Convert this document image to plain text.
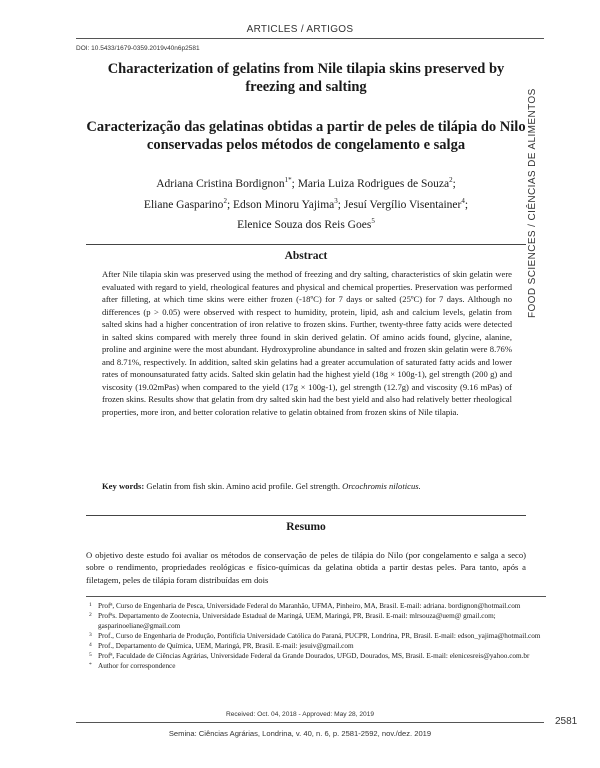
ARTICLES / ARTIGOS
DOI: 10.5433/1679-0359.2019v40n6p2581
FOOD SCIENCES / CIÊNCIAS DE ALIMENTOS
Characterization of gelatins from Nile tilapia skins preserved by freezing and salting
Caracterização das gelatinas obtidas a partir de peles de tilápia do Nilo conservadas pelos métodos de congelamento e salga
Adriana Cristina Bordignon$^{1*}$; Maria Luiza Rodrigues de Souza$^2$;
Eliane Gasparino$^2$; Edson Minoru Yajima$^3$; Jesuí Vergílio Visentainer$^4$;
Elenice Souza dos Reis Goes$^5$
Abstract
After Nile tilapia skin was preserved using the method of freezing and dry salting, characteristics of skin gelatin were evaluated with regard to yield, rheological features and physical and chemical properties. Preservation was performed after filleting, at which time skins were either frozen (-18ºC) for 7 days or salted (25ºC) for 7 days. Although no differences (p > 0.05) were observed with respect to humidity, protein, lipid, ash and calcium levels, gelatin from salted skins had a higher concentration of iron relative to frozen skins. Further, twenty-three fatty acids were detected in salted skins compared with merely three found in skin derived gelatin. Of amino acids found, glycine, alanine, proline and arginine were the most abundant. Hydroxyproline abundance in salted and frozen skin gelatin were 8.76% and 8.71%, respectively. In addition, salted skin gelatins had a greater accumulation of saturated fatty acids and lower rates of monounsaturated fatty acids. Salted skin gelatin had the highest yield (18g × 100g-1), gel strength (200 g) and viscosity (19.02mPas) when compared to the yield (17g × 100g-1), gel strength (12.7g) and viscosity (9.16 mPas) of frozen skins. Results show that gelatin from dry salted skin had the best yield and also had relatively better rheological properties, more iron, and better coloration relative to gelatin obtained from frozen skins of Nile tilapia.
Key words: Gelatin from fish skin. Amino acid profile. Gel strength. Orcochromis niloticus.
Resumo
O objetivo deste estudo foi avaliar os métodos de conservação de peles de tilápia do Nilo (por congelamento e salga a seco) sobre o rendimento, propriedades reológicas e físico-químicas da gelatina obtida a partir destas peles. Para tanto, após a filetagem, peles de tilápia foram distribuídas em dois
1 Profª, Curso de Engenharia de Pesca, Universidade Federal do Maranhão, UFMA, Pinheiro, MA, Brasil. E-mail: adriana. bordignon@hotmail.com
2 Profªs. Departamento de Zootecnia, Universidade Estadual de Maringá, UEM, Maringá, PR, Brasil. E-mail: mlrsouza@uem@ gmail.com; gasparinoeliane@gmail.com
3 Prof., Curso de Engenharia de Produção, Pontifícia Universidade Católica do Paraná, PUCPR, Londrina, PR, Brasil. E-mail: edson_yajima@hotmail.com
4 Prof., Departamento de Química, UEM, Maringá, PR, Brasil. E-mail: jesuiv@gmail.com
5 Profª, Faculdade de Ciências Agrárias, Universidade Federal da Grande Dourados, UFGD, Dourados, MS, Brasil. E-mail: elenicesreis@yahoo.com.br
* Author for correspondence
Received: Oct. 04, 2018 - Approved: May 28, 2019
2581
Semina: Ciências Agrárias, Londrina, v. 40, n. 6, p. 2581-2592, nov./dez. 2019
